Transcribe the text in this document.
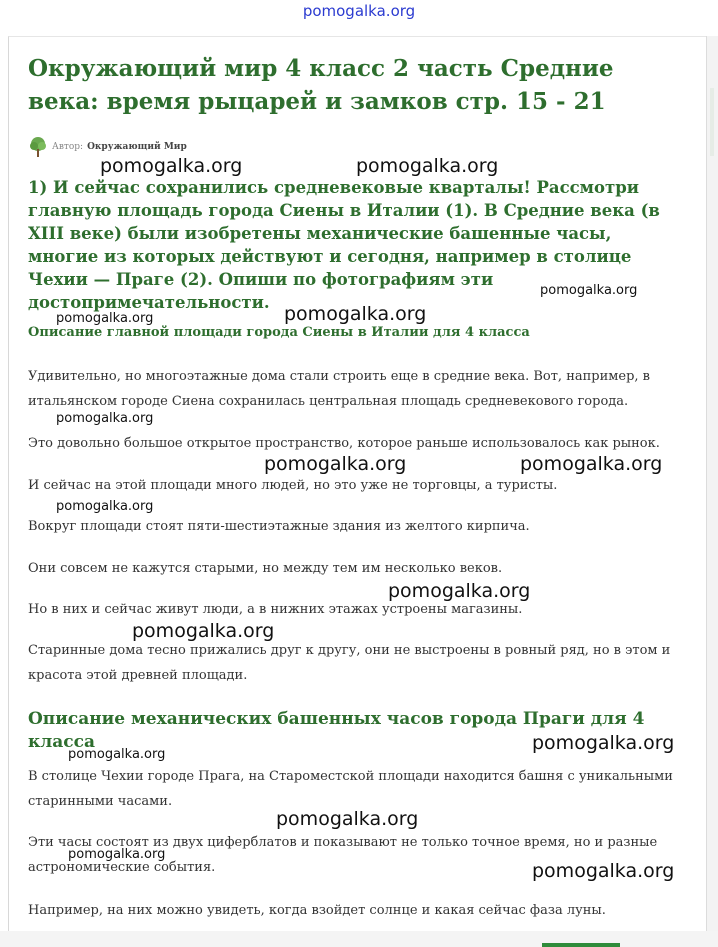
pomogalka.org
Окружающий мир 4 класс 2 часть Средние века: время рыцарей и замков стр. 15 - 21
Автор: Окружающий Мир

1) И сейчас сохранились средневековые кварталы! Рассмотри главную площадь города Сиены в Италии (1). В Средние века (в XIII веке) были изобретены механические башенные часы, многие из которых действуют и сегодня, например в столице Чехии — Праге (2). Опиши по фотографиям эти достопримечательности.

Описание главной площади города Сиены в Италии для 4 класса

Удивительно, но многоэтажные дома стали строить еще в средние века. Вот, например, в итальянском городе Сиена сохранилась центральная площадь средневекового города.

Это довольно большое открытое пространство, которое раньше использовалось как рынок.

И сейчас на этой площади много людей, но это уже не торговцы, а туристы.

Вокруг площади стоят пяти-шестиэтажные здания из желтого кирпича.

Они совсем не кажутся старыми, но между тем им несколько веков.

Но в них и сейчас живут люди, а в нижних этажах устроены магазины.

Старинные дома тесно прижались друг к другу, они не выстроены в ровный ряд, но в этом и красота этой древней площади.

Описание механических башенных часов города Праги для 4 класса

В столице Чехии городе Прага, на Староместской площади находится башня с уникальными старинными часами.

Эти часы состоят из двух циферблатов и показывают не только точное время, но и разные астрономические события.

Например, на них можно увидеть, когда взойдет солнце и какая сейчас фаза луны.

pomogalka.org	pomogalka.org
pomogalka.org
pomogalka.org
pomogalka.org
pomogalka.org
pomogalka.org	pomogalka.org
pomogalka.org
pomogalka.org
pomogalka.org
pomogalka.org
pomogalka.org
pomogalka.org
pomogalka.org
pomogalka.org
